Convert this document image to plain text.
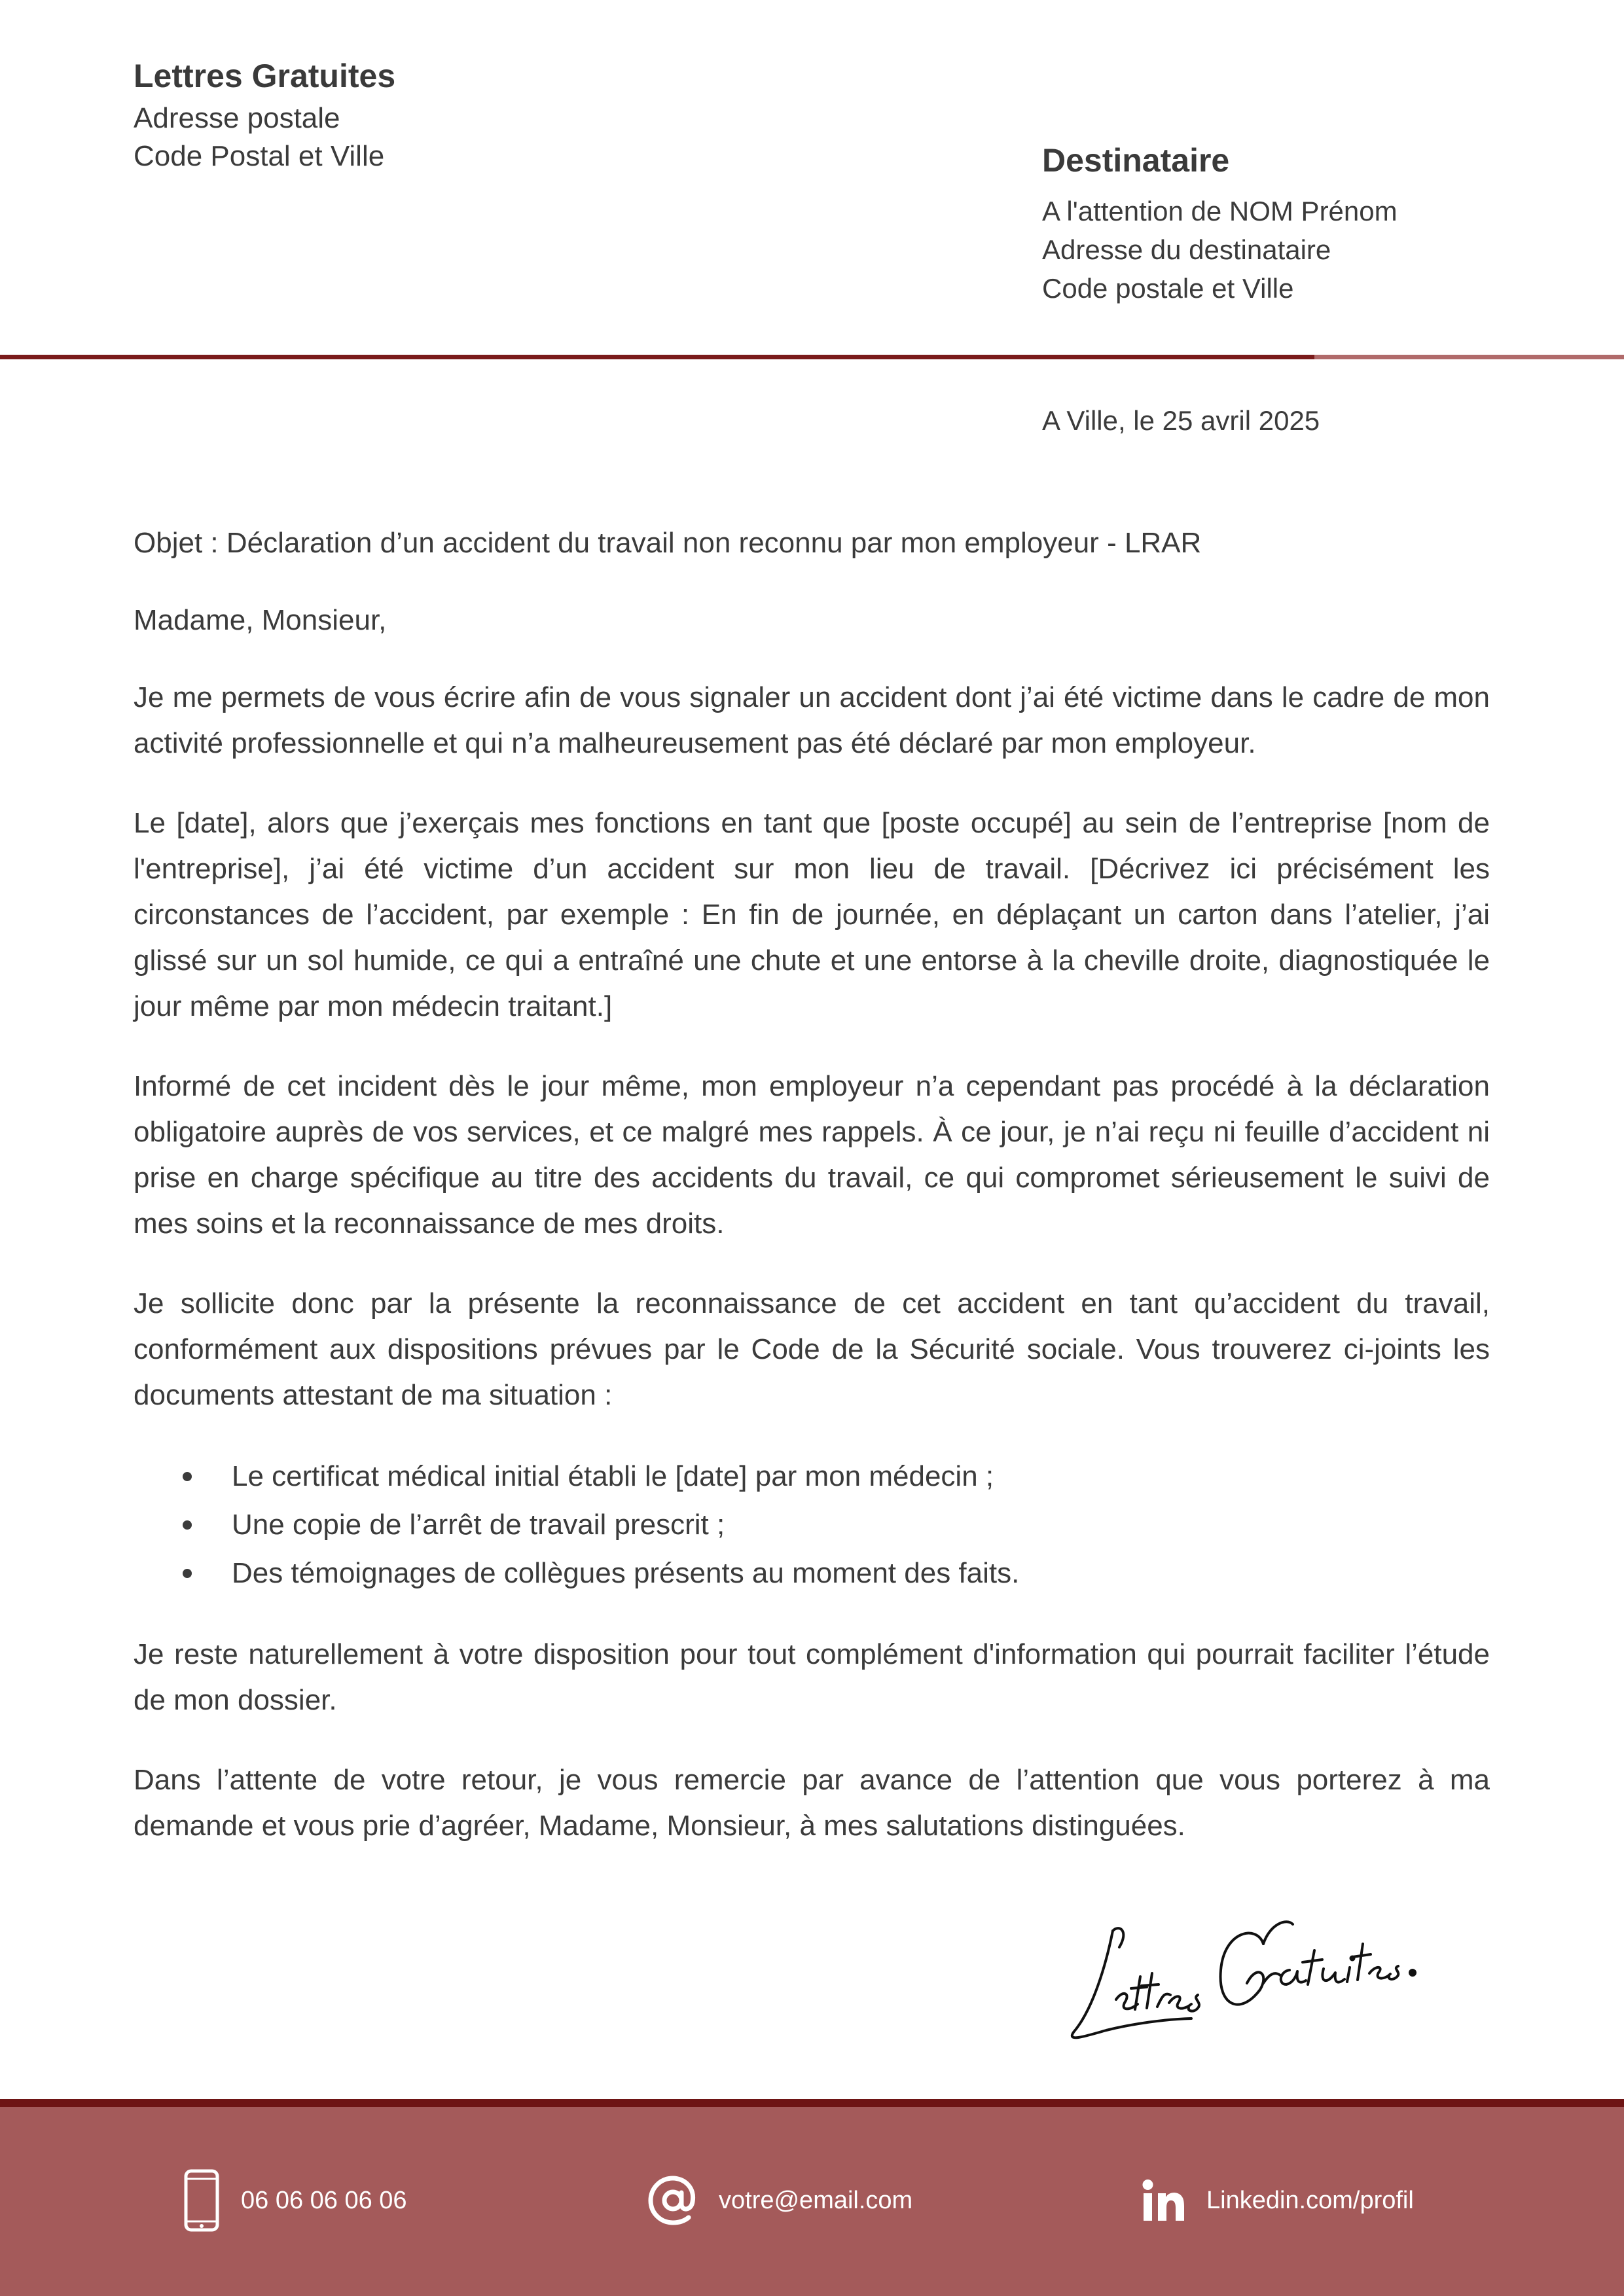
Lettres Gratuites
Adresse postale
Code Postal et Ville	Destinataire
A l'attention de NOM Prénom
Adresse du destinataire
Code postale et Ville
A Ville, le 25 avril 2025

Objet : Déclaration d’un accident du travail non reconnu par mon employeur - LRAR

Madame, Monsieur,

Je me permets de vous écrire afin de vous signaler un accident dont j’ai été victime dans le cadre de mon activité professionnelle et qui n’a malheureusement pas été déclaré par mon employeur.

Le [date], alors que j’exerçais mes fonctions en tant que [poste occupé] au sein de l’entreprise [nom de l'entreprise], j’ai été victime d’un accident sur mon lieu de travail. [Décrivez ici précisément les circonstances de l’accident, par exemple : En fin de journée, en déplaçant un carton dans l’atelier, j’ai glissé sur un sol humide, ce qui a entraîné une chute et une entorse à la cheville droite, diagnostiquée le jour même par mon médecin traitant.]

Informé de cet incident dès le jour même, mon employeur n’a cependant pas procédé à la déclaration obligatoire auprès de vos services, et ce malgré mes rappels. À ce jour, je n’ai reçu ni feuille d’accident ni prise en charge spécifique au titre des accidents du travail, ce qui compromet sérieusement le suivi de mes soins et la reconnaissance de mes droits.

Je sollicite donc par la présente la reconnaissance de cet accident en tant qu’accident du travail, conformément aux dispositions prévues par le Code de la Sécurité sociale. Vous trouverez ci-joints les documents attestant de ma situation :

Le certificat médical initial établi le [date] par mon médecin ;
Une copie de l’arrêt de travail prescrit ;
Des témoignages de collègues présents au moment des faits.

Je reste naturellement à votre disposition pour tout complément d'information qui pourrait faciliter l’étude de mon dossier.

Dans l’attente de votre retour, je vous remercie par avance de l’attention que vous porterez à ma demande et vous prie d’agréer, Madame, Monsieur, à mes salutations distinguées.

06 06 06 06 06	votre@email.com	Linkedin.com/profil
